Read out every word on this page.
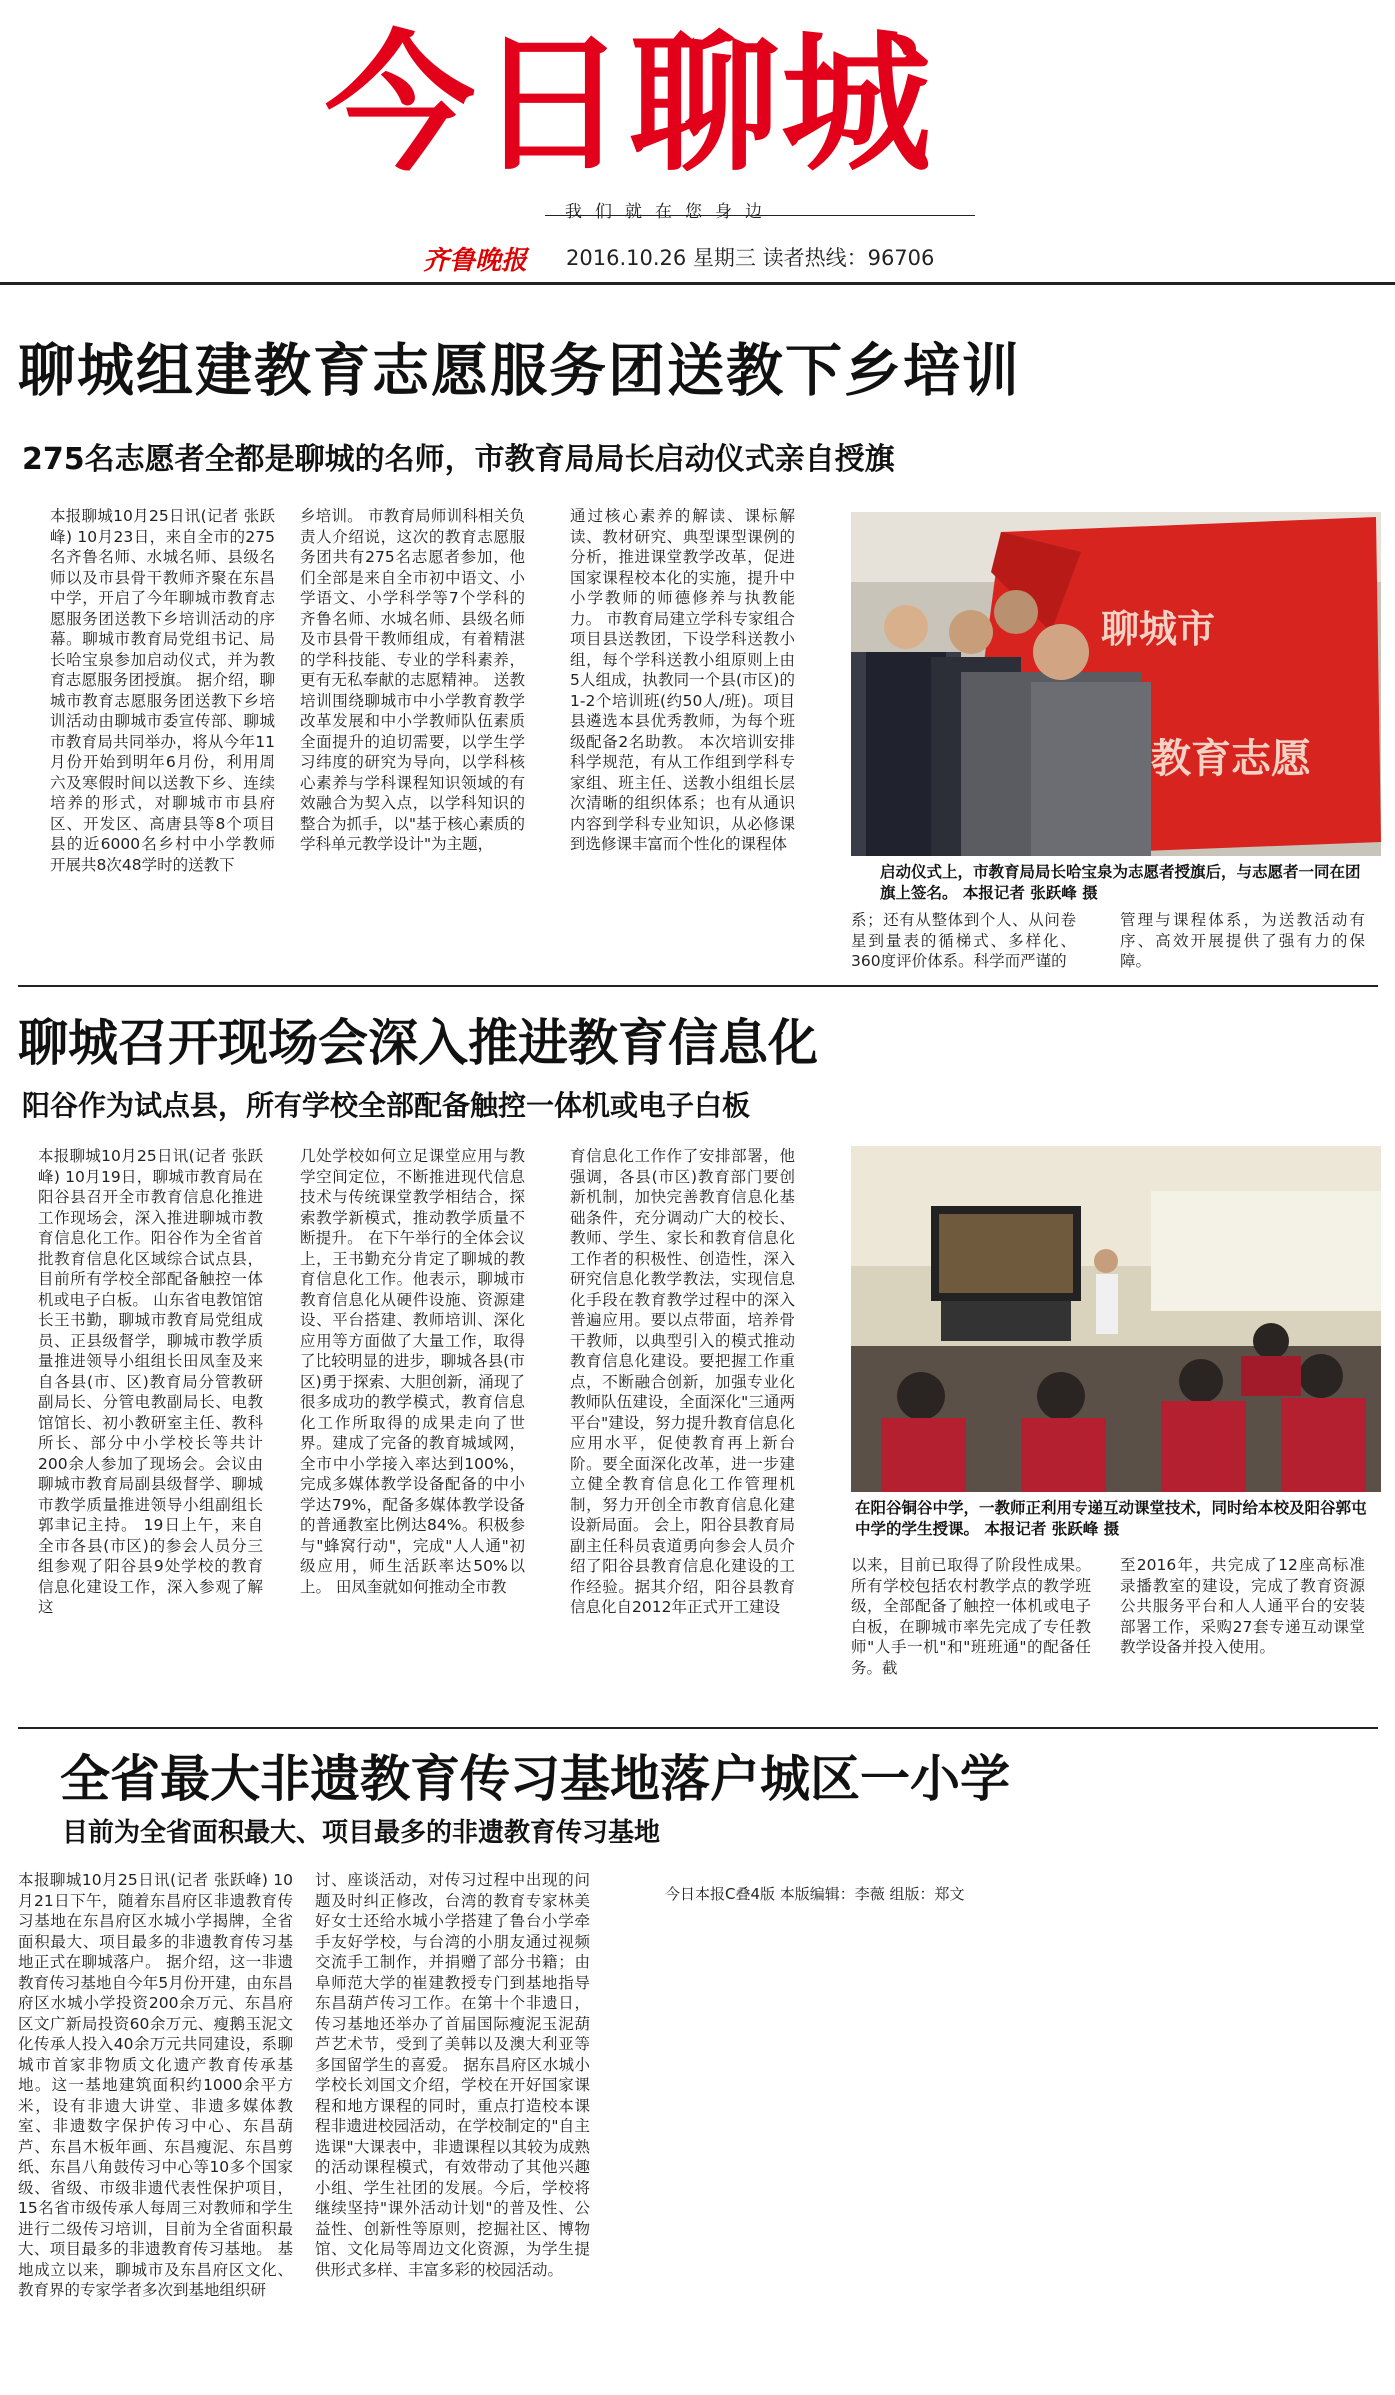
今日聊城
我们就在您身边
齐鲁晚报 2016.10.26 星期三 读者热线：96706
聊城组建教育志愿服务团送教下乡培训
275名志愿者全都是聊城的名师，市教育局局长启动仪式亲自授旗

本报聊城10月25日讯(记者 张跃峰) 10月23日，来自全市的275名齐鲁名师、水城名师、县级名师以及市县骨干教师齐聚在东昌中学，开启了今年聊城市教育志愿服务团送教下乡培训活动的序幕。聊城市教育局党组书记、局长哈宝泉参加启动仪式，并为教育志愿服务团授旗。 据介绍，聊城市教育志愿服务团送教下乡培训活动由聊城市委宣传部、聊城市教育局共同举办，将从今年11月份开始到明年6月份，利用周六及寒假时间以送教下乡、连续培养的形式，对聊城市市县府区、开发区、高唐县等8个项目县的近6000名乡村中小学教师开展共8次48学时的送教下

乡培训。 市教育局师训科相关负责人介绍说，这次的教育志愿服务团共有275名志愿者参加，他们全部是来自全市初中语文、小学语文、小学科学等7个学科的齐鲁名师、水城名师、县级名师及市县骨干教师组成，有着精湛的学科技能、专业的学科素养，更有无私奉献的志愿精神。 送教培训围绕聊城市中小学教育教学改革发展和中小学教师队伍素质全面提升的迫切需要，以学生学习纬度的研究为导向，以学科核心素养与学科课程知识领域的有效融合为契入点，以学科知识的整合为抓手，以"基于核心素质的学科单元教学设计"为主题，

通过核心素养的解读、课标解读、教材研究、典型课型课例的分析，推进课堂教学改革，促进国家课程校本化的实施，提升中小学教师的师德修养与执教能力。 市教育局建立学科专家组合项目县送教团，下设学科送教小组，每个学科送教小组原则上由5人组成，执教同一个县(市区)的1-2个培训班(约50人/班)。项目县遴选本县优秀教师，为每个班级配备2名助教。 本次培训安排科学规范，有从工作组到学科专家组、班主任、送教小组组长层次清晰的组织体系；也有从通识内容到学科专业知识，从必修课到选修课丰富而个性化的课程体

聊城市
教育志愿
启动仪式上，市教育局局长哈宝泉为志愿者授旗后，与志愿者一同在团旗上签名。 本报记者 张跃峰 摄

系；还有从整体到个人、从问卷星到量表的循梯式、多样化、360度评价体系。科学而严谨的

管理与课程体系，为送教活动有序、高效开展提供了强有力的保障。

聊城召开现场会深入推进教育信息化
阳谷作为试点县，所有学校全部配备触控一体机或电子白板

本报聊城10月25日讯(记者 张跃峰) 10月19日，聊城市教育局在阳谷县召开全市教育信息化推进工作现场会，深入推进聊城市教育信息化工作。阳谷作为全省首批教育信息化区域综合试点县，目前所有学校全部配备触控一体机或电子白板。 山东省电教馆馆长王书勤，聊城市教育局党组成员、正县级督学，聊城市教学质量推进领导小组组长田凤奎及来自各县(市、区)教育局分管教研副局长、分管电教副局长、电教馆馆长、初小教研室主任、教科所长、部分中小学校长等共计200余人参加了现场会。会议由聊城市教育局副县级督学、聊城市教学质量推进领导小组副组长郭聿记主持。 19日上午，来自全市各县(市区)的参会人员分三组参观了阳谷县9处学校的教育信息化建设工作，深入参观了解这

几处学校如何立足课堂应用与教学空间定位，不断推进现代信息技术与传统课堂教学相结合，探索教学新模式，推动教学质量不断提升。 在下午举行的全体会议上，王书勤充分肯定了聊城的教育信息化工作。他表示，聊城市教育信息化从硬件设施、资源建设、平台搭建、教师培训、深化应用等方面做了大量工作，取得了比较明显的进步，聊城各县(市区)勇于探索、大胆创新，涌现了很多成功的教学模式，教育信息化工作所取得的成果走向了世界。建成了完备的教育城域网，全市中小学接入率达到100%，完成多媒体教学设备配备的中小学达79%，配备多媒体教学设备的普通教室比例达84%。积极参与"蜂窝行动"，完成"人人通"初级应用，师生活跃率达50%以上。 田凤奎就如何推动全市教

育信息化工作作了安排部署，他强调，各县(市区)教育部门要创新机制，加快完善教育信息化基础条件，充分调动广大的校长、教师、学生、家长和教育信息化工作者的积极性、创造性，深入研究信息化教学教法，实现信息化手段在教育教学过程中的深入普遍应用。要以点带面，培养骨干教师，以典型引入的模式推动教育信息化建设。要把握工作重点，不断融合创新，加强专业化教师队伍建设，全面深化"三通两平台"建设，努力提升教育信息化应用水平，促使教育再上新台阶。要全面深化改革，进一步建立健全教育信息化工作管理机制，努力开创全市教育信息化建设新局面。 会上，阳谷县教育局副主任科员袁道勇向参会人员介绍了阳谷县教育信息化建设的工作经验。据其介绍，阳谷县教育信息化自2012年正式开工建设

在阳谷铜谷中学，一教师正利用专递互动课堂技术，同时给本校及阳谷郭屯中学的学生授课。 本报记者 张跃峰 摄

以来，目前已取得了阶段性成果。所有学校包括农村教学点的教学班级，全部配备了触控一体机或电子白板，在聊城市率先完成了专任教师"人手一机"和"班班通"的配备任务。截

至2016年，共完成了12座高标准录播教室的建设，完成了教育资源公共服务平台和人人通平台的安装部署工作，采购27套专递互动课堂教学设备并投入使用。

全省最大非遗教育传习基地落户城区一小学
目前为全省面积最大、项目最多的非遗教育传习基地

本报聊城10月25日讯(记者 张跃峰) 10月21日下午，随着东昌府区非遗教育传习基地在东昌府区水城小学揭牌，全省面积最大、项目最多的非遗教育传习基地正式在聊城落户。 据介绍，这一非遗教育传习基地自今年5月份开建，由东昌府区水城小学投资200余万元、东昌府区文广新局投资60余万元、瘦鹅玉泥文化传承人投入40余万元共同建设，系聊城市首家非物质文化遗产教育传承基地。这一基地建筑面积约1000余平方米，设有非遗大讲堂、非遗多媒体教室、非遗数字保护传习中心、东昌葫芦、东昌木板年画、东昌瘦泥、东昌剪纸、东昌八角鼓传习中心等10多个国家级、省级、市级非遗代表性保护项目，15名省市级传承人每周三对教师和学生进行二级传习培训，目前为全省面积最大、项目最多的非遗教育传习基地。 基地成立以来，聊城市及东昌府区文化、教育界的专家学者多次到基地组织研

讨、座谈活动，对传习过程中出现的问题及时纠正修改，台湾的教育专家林美好女士还给水城小学搭建了鲁台小学牵手友好学校，与台湾的小朋友通过视频交流手工制作，并捐赠了部分书籍；由阜师范大学的崔建教授专门到基地指导东昌葫芦传习工作。在第十个非遗日，传习基地还举办了首届国际瘦泥玉泥葫芦艺术节，受到了美韩以及澳大利亚等多国留学生的喜爱。 据东昌府区水城小学校长刘国文介绍，学校在开好国家课程和地方课程的同时，重点打造校本课程非遗进校园活动，在学校制定的"自主选课"大课表中，非遗课程以其较为成熟的活动课程模式，有效带动了其他兴趣小组、学生社团的发展。今后，学校将继续坚持"课外活动计划"的普及性、公益性、创新性等原则，挖掘社区、博物馆、文化局等周边文化资源，为学生提供形式多样、丰富多彩的校园活动。

今日本报C叠4版 本版编辑：李薇 组版：郑文
